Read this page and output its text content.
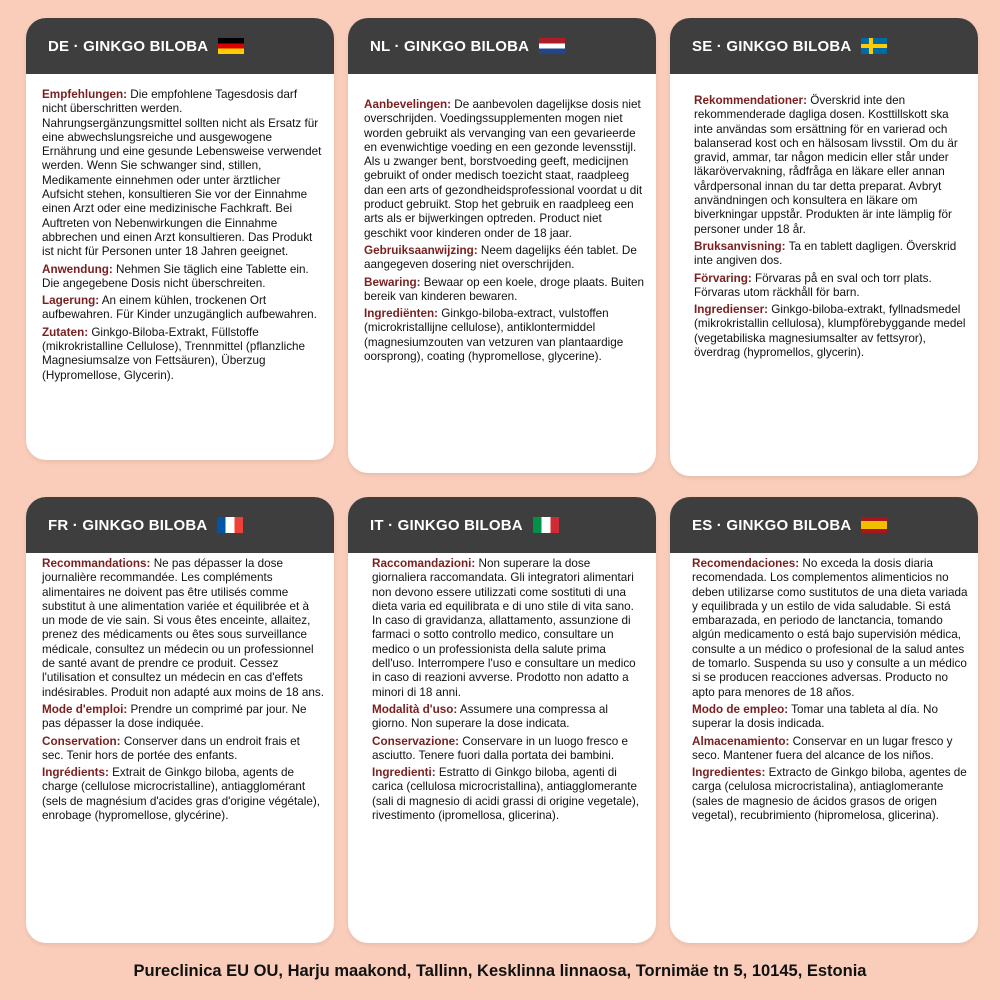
DE · GINKGO BILOBA

Empfehlungen: Die empfohlene Tagesdosis darf nicht überschritten werden. Nahrungsergänzungsmittel sollten nicht als Ersatz für eine abwechslungsreiche und ausgewogene Ernährung und eine gesunde Lebensweise verwendet werden. Wenn Sie schwanger sind, stillen, Medikamente einnehmen oder unter ärztlicher Aufsicht stehen, konsultieren Sie vor der Einnahme einen Arzt oder eine medizinische Fachkraft. Bei Auftreten von Nebenwirkungen die Einnahme abbrechen und einen Arzt konsultieren. Das Produkt ist nicht für Personen unter 18 Jahren geeignet.

Anwendung: Nehmen Sie täglich eine Tablette ein. Die angegebene Dosis nicht überschreiten.

Lagerung: An einem kühlen, trockenen Ort aufbewahren. Für Kinder unzugänglich aufbewahren.

Zutaten: Ginkgo-Biloba-Extrakt, Füllstoffe (mikrokristalline Cellulose), Trennmittel (pflanzliche Magnesiumsalze von Fettsäuren), Überzug (Hypromellose, Glycerin).

NL · GINKGO BILOBA

Aanbevelingen: De aanbevolen dagelijkse dosis niet overschrijden. Voedingssupplementen mogen niet worden gebruikt als vervanging van een gevarieerde en evenwichtige voeding en een gezonde levensstijl. Als u zwanger bent, borstvoeding geeft, medicijnen gebruikt of onder medisch toezicht staat, raadpleeg dan een arts of gezondheidsprofessional voordat u dit product gebruikt. Stop het gebruik en raadpleeg een arts als er bijwerkingen optreden. Product niet geschikt voor kinderen onder de 18 jaar.

Gebruiksaanwijzing: Neem dagelijks één tablet. De aangegeven dosering niet overschrijden.

Bewaring: Bewaar op een koele, droge plaats. Buiten bereik van kinderen bewaren.

Ingrediënten: Ginkgo-biloba-extract, vulstoffen (microkristallijne cellulose), antiklontermiddel (magnesiumzouten van vetzuren van plantaardige oorsprong), coating (hypromellose, glycerine).

SE · GINKGO BILOBA

Rekommendationer: Överskrid inte den rekommenderade dagliga dosen. Kosttillskott ska inte användas som ersättning för en varierad och balanserad kost och en hälsosam livsstil. Om du är gravid, ammar, tar någon medicin eller står under läkarövervakning, rådfråga en läkare eller annan vårdpersonal innan du tar detta preparat. Avbryt användningen och konsultera en läkare om biverkningar uppstår. Produkten är inte lämplig för personer under 18 år.

Bruksanvisning: Ta en tablett dagligen. Överskrid inte angiven dos.

Förvaring: Förvaras på en sval och torr plats. Förvaras utom räckhåll för barn.

Ingredienser: Ginkgo-biloba-extrakt, fyllnadsmedel (mikrokristallin cellulosa), klumpförebyggande medel (vegetabiliska magnesiumsalter av fettsyror), överdrag (hypromellos, glycerin).

FR · GINKGO BILOBA

Recommandations: Ne pas dépasser la dose journalière recommandée. Les compléments alimentaires ne doivent pas être utilisés comme substitut à une alimentation variée et équilibrée et à un mode de vie sain. Si vous êtes enceinte, allaitez, prenez des médicaments ou êtes sous surveillance médicale, consultez un médecin ou un professionnel de santé avant de prendre ce produit. Cessez l'utilisation et consultez un médecin en cas d'effets indésirables. Produit non adapté aux moins de 18 ans.

Mode d'emploi: Prendre un comprimé par jour. Ne pas dépasser la dose indiquée.

Conservation: Conserver dans un endroit frais et sec. Tenir hors de portée des enfants.

Ingrédients: Extrait de Ginkgo biloba, agents de charge (cellulose microcristalline), antiagglomérant (sels de magnésium d'acides gras d'origine végétale), enrobage (hypromellose, glycérine).

IT · GINKGO BILOBA

Raccomandazioni: Non superare la dose giornaliera raccomandata. Gli integratori alimentari non devono essere utilizzati come sostituti di una dieta varia ed equilibrata e di uno stile di vita sano. In caso di gravidanza, allattamento, assunzione di farmaci o sotto controllo medico, consultare un medico o un professionista della salute prima dell'uso. Interrompere l'uso e consultare un medico in caso di reazioni avverse. Prodotto non adatto a minori di 18 anni.

Modalità d'uso: Assumere una compressa al giorno. Non superare la dose indicata.

Conservazione: Conservare in un luogo fresco e asciutto. Tenere fuori dalla portata dei bambini.

Ingredienti: Estratto di Ginkgo biloba, agenti di carica (cellulosa microcristallina), antiagglomerante (sali di magnesio di acidi grassi di origine vegetale), rivestimento (ipromellosa, glicerina).

ES · GINKGO BILOBA

Recomendaciones: No exceda la dosis diaria recomendada. Los complementos alimenticios no deben utilizarse como sustitutos de una dieta variada y equilibrada y un estilo de vida saludable. Si está embarazada, en periodo de lanctancia, tomando algún medicamento o está bajo supervisión médica, consulte a un médico o profesional de la salud antes de tomarlo. Suspenda su uso y consulte a un médico si se producen reacciones adversas. Producto no apto para menores de 18 años.

Modo de empleo: Tomar una tableta al día. No superar la dosis indicada.

Almacenamiento: Conservar en un lugar fresco y seco. Mantener fuera del alcance de los niños.

Ingredientes: Extracto de Ginkgo biloba, agentes de carga (celulosa microcristalina), antiaglomerante (sales de magnesio de ácidos grasos de origen vegetal), recubrimiento (hipromelosa, glicerina).

Pureclinica EU OU, Harju maakond, Tallinn, Kesklinna linnaosa, Tornimäe tn 5, 10145, Estonia
